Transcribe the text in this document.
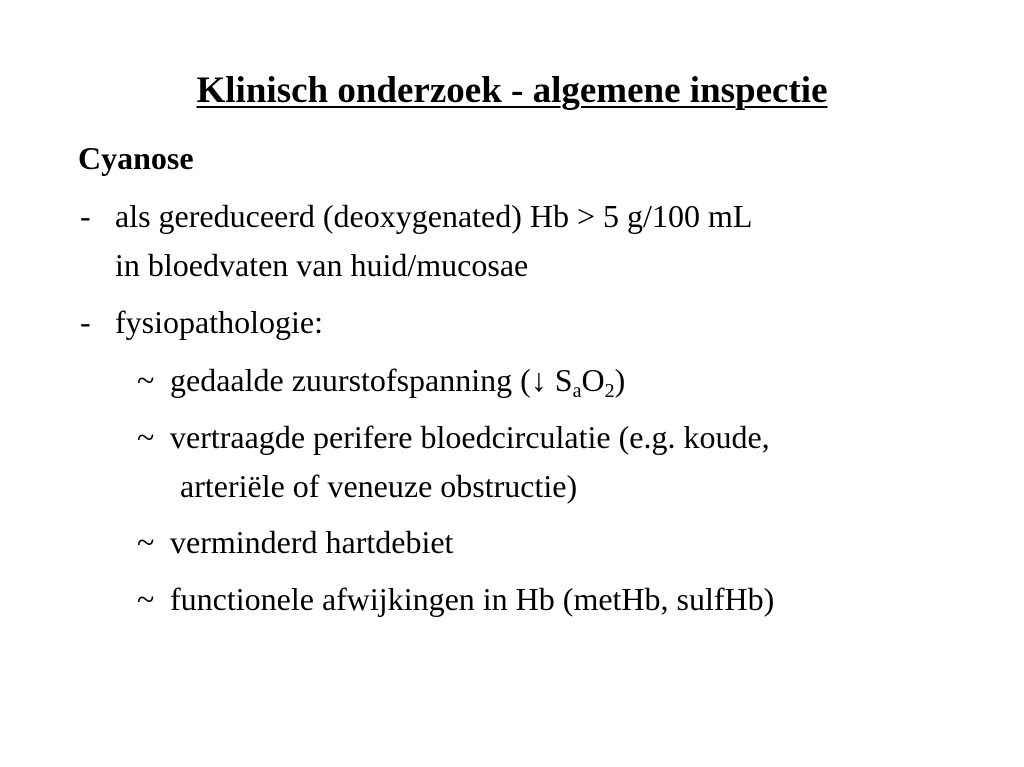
Klinisch onderzoek - algemene inspectie
Cyanose
- als gereduceerd (deoxygenated) Hb > 5 g/100 mL
in bloedvaten van huid/mucosae
- fysiopathologie:
~ gedaalde zuurstofspanning (↓ $S_aO_2$)
~ vertraagde perifere bloedcirculatie (e.g. koude,
arteriële of veneuze obstructie)
~ verminderd hartdebiet
~ functionele afwijkingen in Hb (metHb, sulfHb)
